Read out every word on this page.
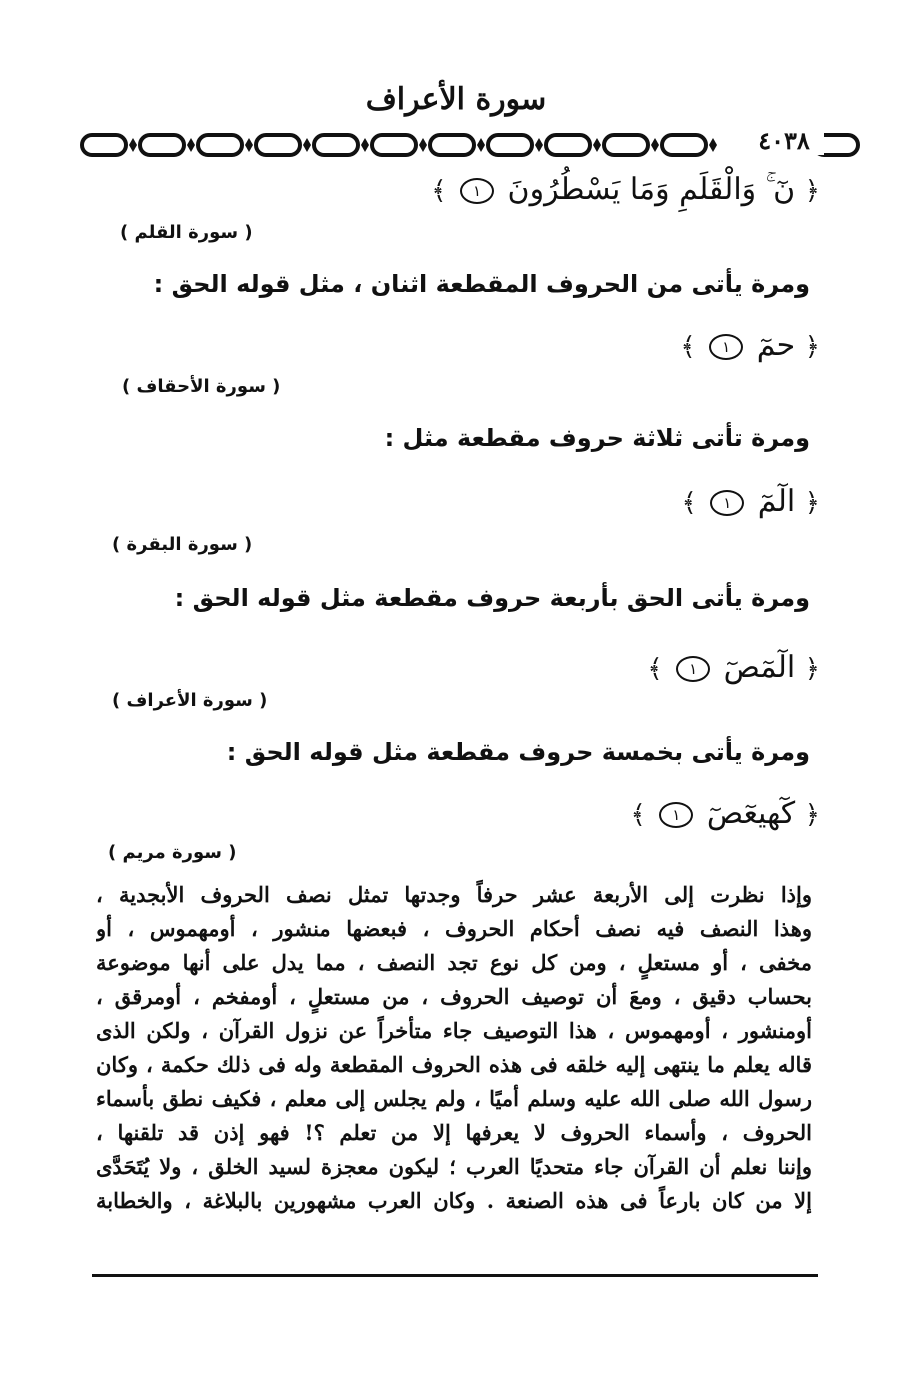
سورة الأعراف
٤٠٣٨
﴿ نٓ ۚ وَالْقَلَمِ وَمَا يَسْطُرُونَ ١ ﴾
( سورة القلم )
ومرة يأتى من الحروف المقطعة اثنان ، مثل قوله الحق :
﴿ حمٓ ١ ﴾
( سورة الأحقاف )
ومرة تأتى ثلاثة حروف مقطعة مثل :
﴿ الٓمٓ ١ ﴾
( سورة البقرة )
ومرة يأتى الحق بأربعة حروف مقطعة مثل قوله الحق :
﴿ الٓمٓصٓ ١ ﴾
( سورة الأعراف )
ومرة يأتى بخمسة حروف مقطعة مثل قوله الحق :
﴿ كٓهيعٓصٓ ١ ﴾
( سورة مريم )
وإذا نظرت إلى الأربعة عشر حرفاً وجدتها تمثل نصف الحروف الأبجدية ،
وهذا النصف فيه نصف أحكام الحروف ، فبعضها منشور ، أومهموس ، أو
مخفى ، أو مستعلٍ ، ومن كل نوع تجد النصف ، مما يدل على أنها موضوعة
بحساب دقيق ، ومعَ أن توصيف الحروف ، من مستعلٍ ، أومفخم ، أومرقق ،
أومنشور ، أومهموس ، هذا التوصيف جاء متأخراً عن نزول القرآن ، ولكن الذى
قاله يعلم ما ينتهى إليه خلقه فى هذه الحروف المقطعة وله فى ذلك حكمة ، وكان
رسول الله صلى الله عليه وسلم أميًا ، ولم يجلس إلى معلم ، فكيف نطق بأسماء
الحروف ، وأسماء الحروف لا يعرفها إلا من تعلم ؟! فهو إذن قد تلقنها ،
وإننا نعلم أن القرآن جاء متحديًا العرب ؛ ليكون معجزة لسيد الخلق ، ولا يُتَحَدَّى
إلا من كان بارعاً فى هذه الصنعة . وكان العرب مشهورين بالبلاغة ، والخطابة
